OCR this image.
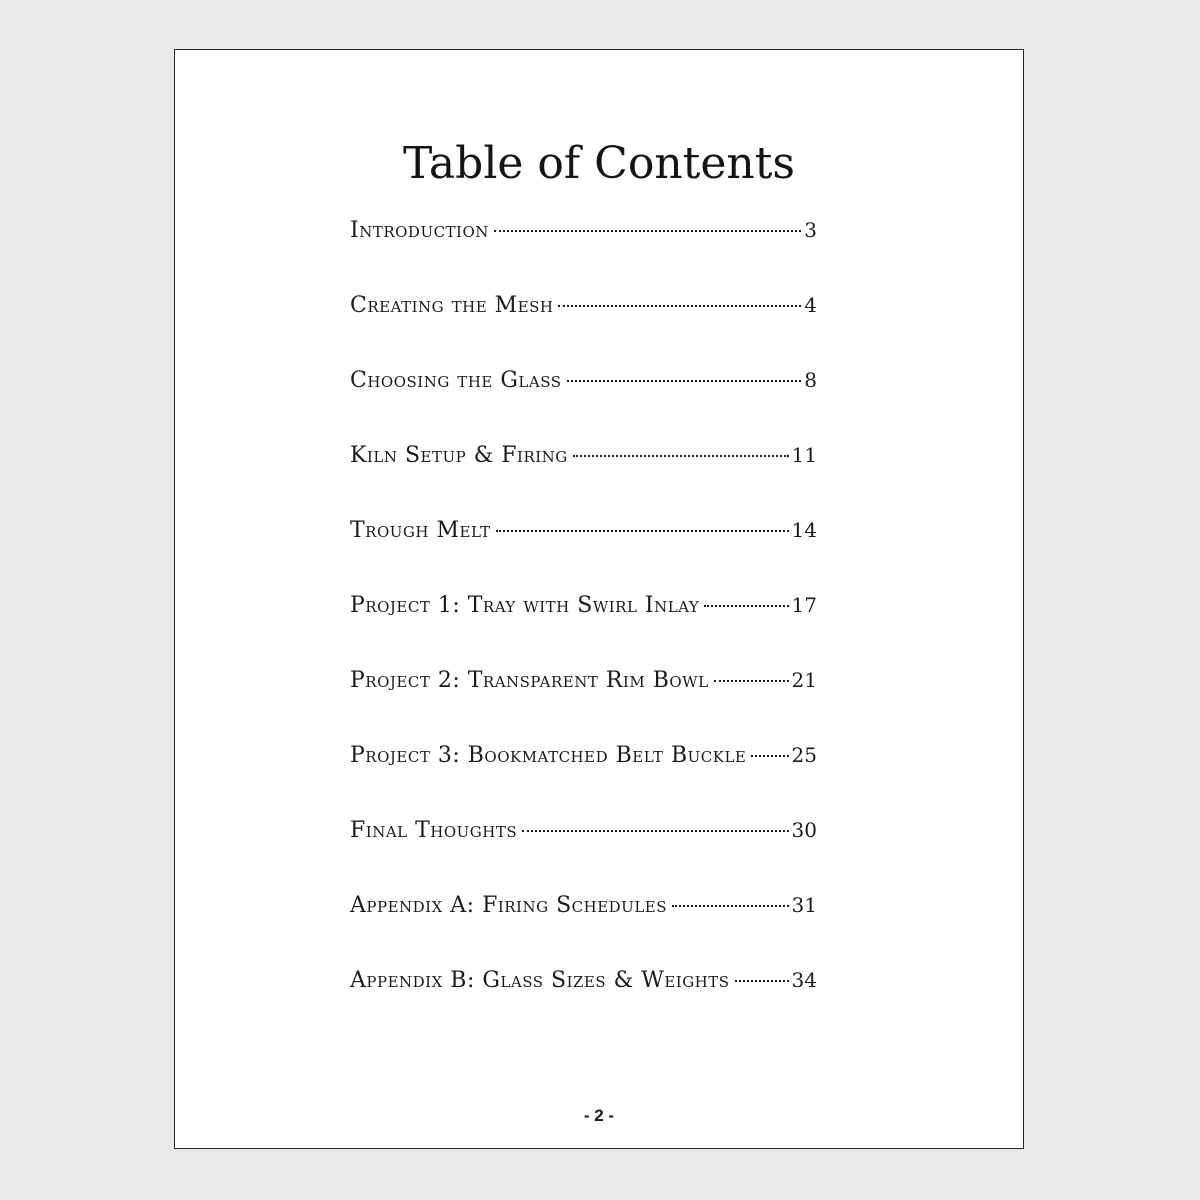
Table of Contents
Introduction	3
Creating the Mesh	4
Choosing the Glass	8
Kiln Setup & Firing	11
Trough Melt	14
Project 1: Tray with Swirl Inlay	17
Project 2: Transparent Rim Bowl	21
Project 3: Bookmatched Belt Buckle 25
Final Thoughts	30
Appendix A: Firing Schedules	31
Appendix B: Glass Sizes & Weights	34
- 2 -
